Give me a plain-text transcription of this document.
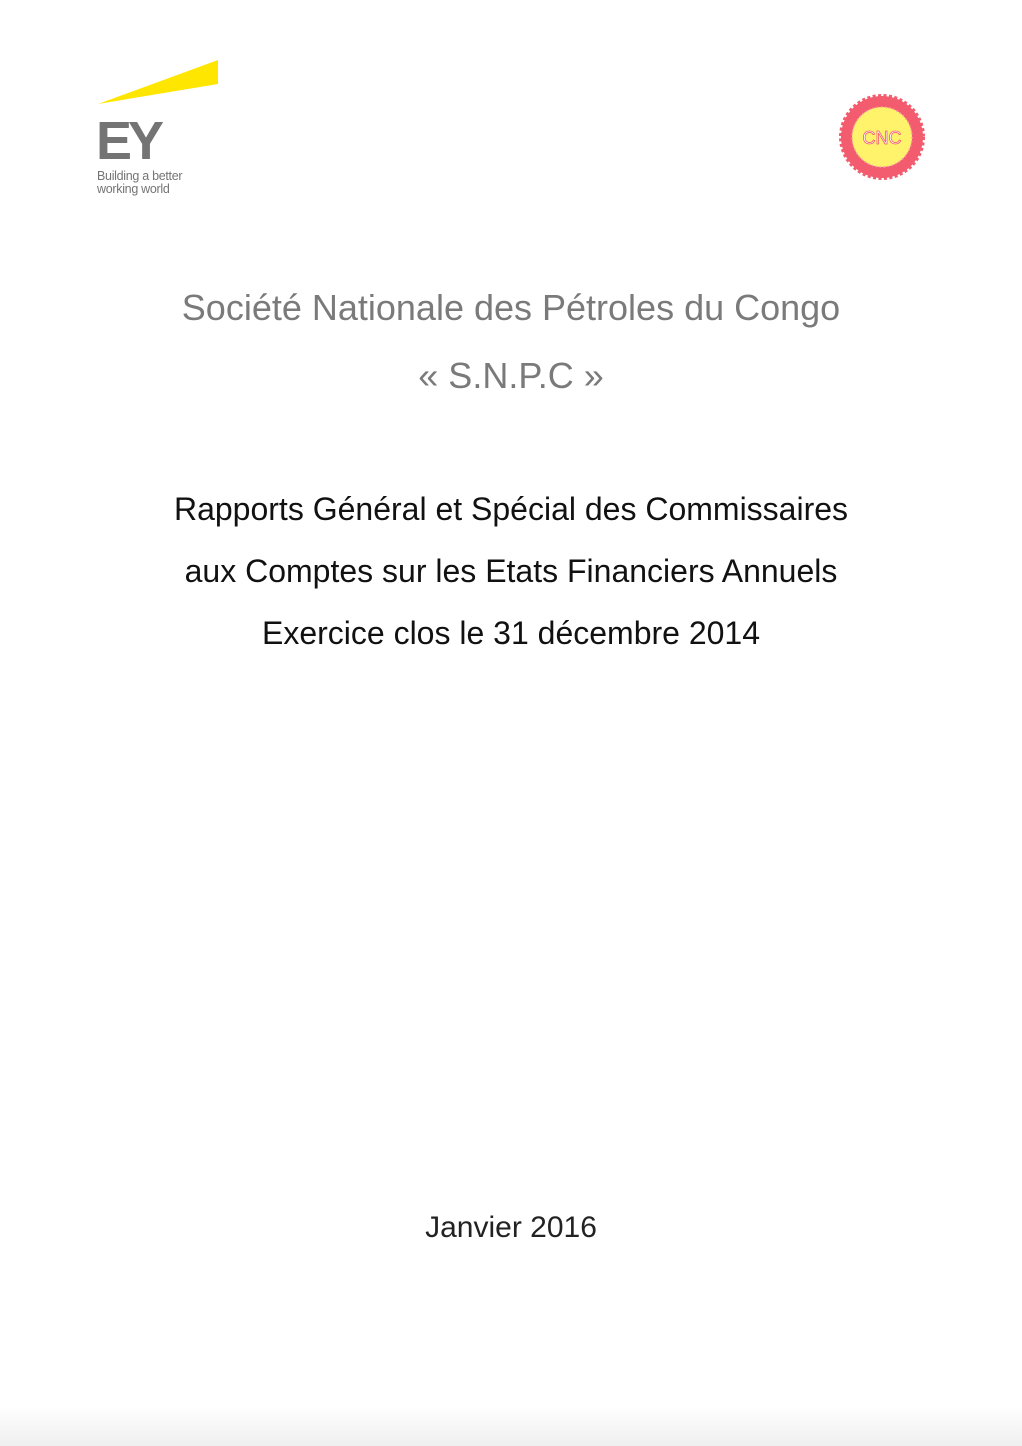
EY
Building a better
working world
CNC
Société Nationale des Pétroles du Congo
« S.N.P.C »
Rapports Général et Spécial des Commissaires
aux Comptes sur les Etats Financiers Annuels
Exercice clos le 31 décembre 2014
Janvier 2016
